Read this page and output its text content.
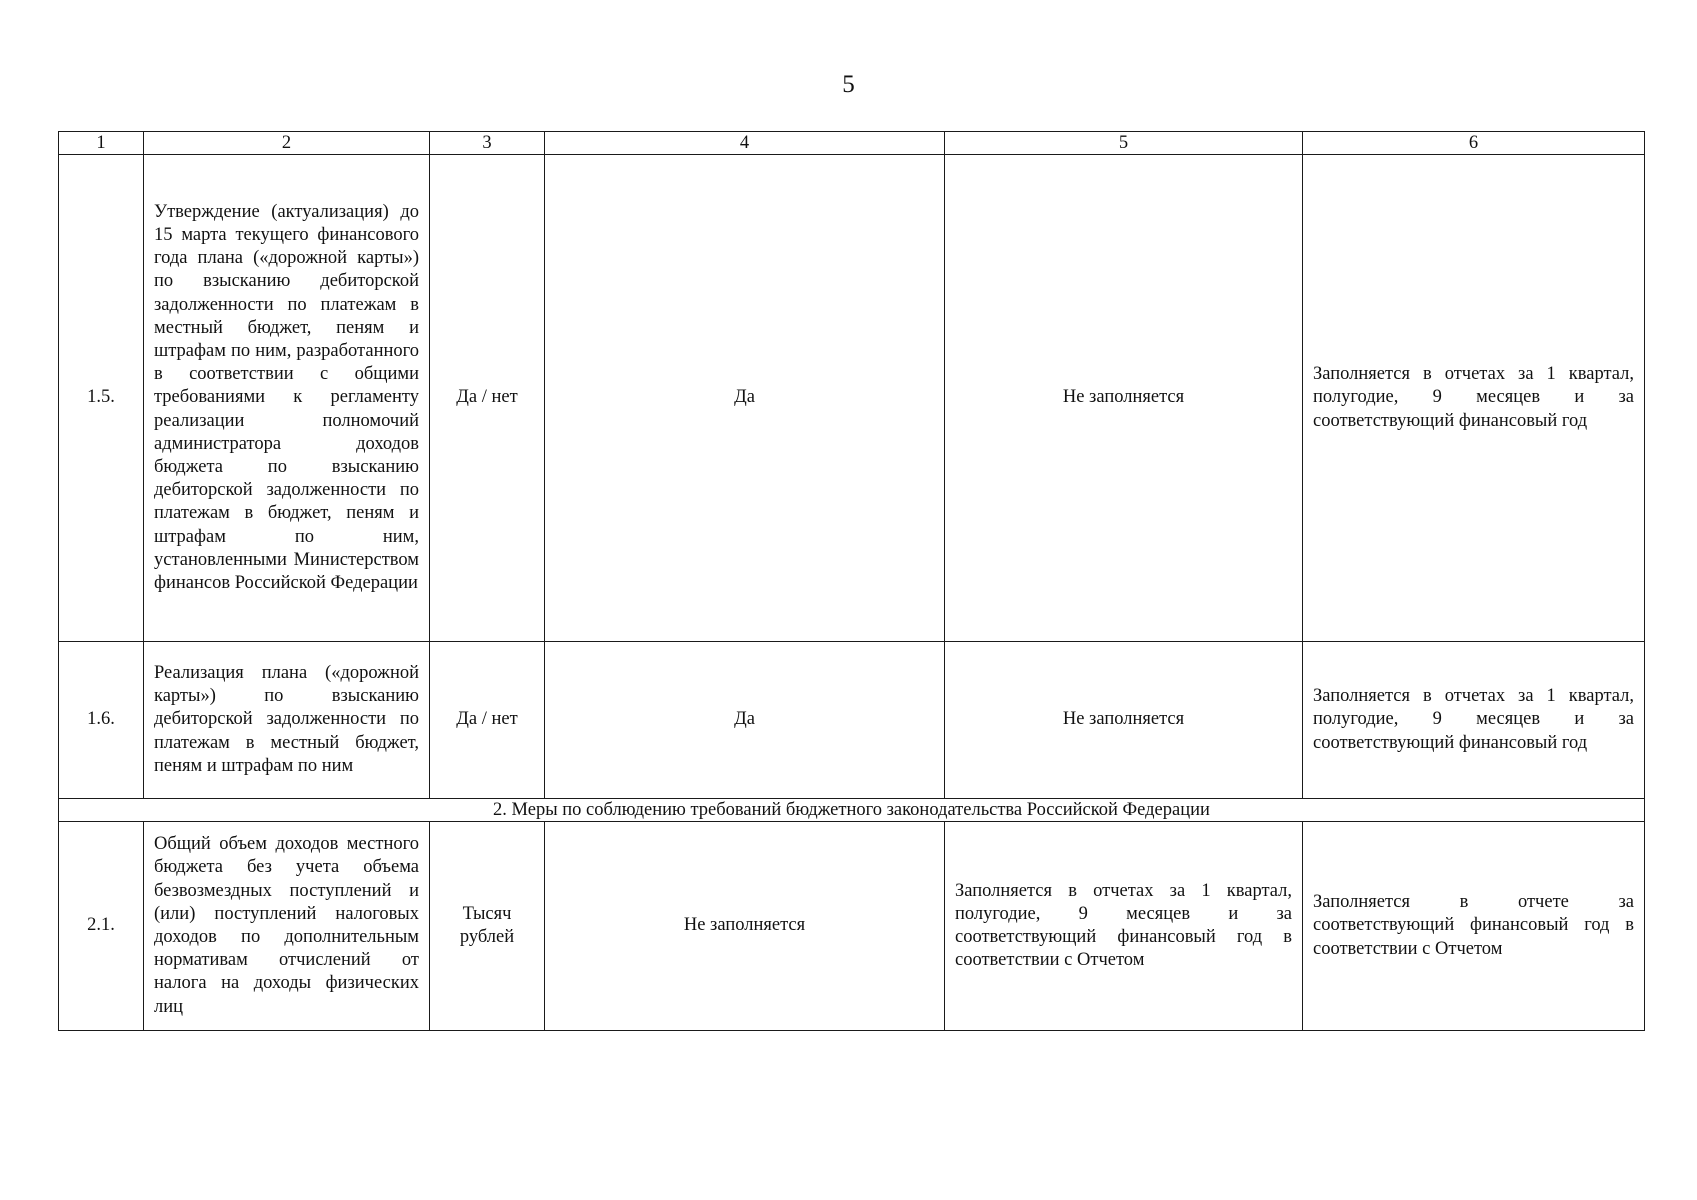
5
1	2	3	4	5	6
1.5.	Утверждение (актуализация) до 15 марта текущего финансового года плана («дорожной карты») по взысканию дебиторской задолженности по платежам в местный бюджет, пеням и штрафам по ним, разработанного в соответствии с общими требованиями к регламенту реализации полномочий администратора доходов бюджета по взысканию дебиторской задолженности по платежам в бюджет, пеням и штрафам по ним, установленными Министерством финансов Российской Федерации	Да / нет	Да	Не заполняется	Заполняется в отчетах за 1 квартал, полугодие, 9 месяцев и за соответствующий финансовый год
1.6.	Реализация плана («дорожной карты») по взысканию дебиторской задолженности по платежам в местный бюджет, пеням и штрафам по ним	Да / нет	Да	Не заполняется	Заполняется в отчетах за 1 квартал, полугодие, 9 месяцев и за соответствующий финансовый год
2. Меры по соблюдению требований бюджетного законодательства Российской Федерации					
2.1.	Общий объем доходов местного бюджета без учета объема безвозмездных поступлений и (или) поступлений налоговых доходов по дополнительным нормативам отчислений от налога на доходы физических лиц	Тысяч рублей	Не заполняется	Заполняется в отчетах за 1 квартал, полугодие, 9 месяцев и за соответствующий финансовый год в соответствии с Отчетом	Заполняется в отчете за соответствующий финансовый год в соответствии с Отчетом
